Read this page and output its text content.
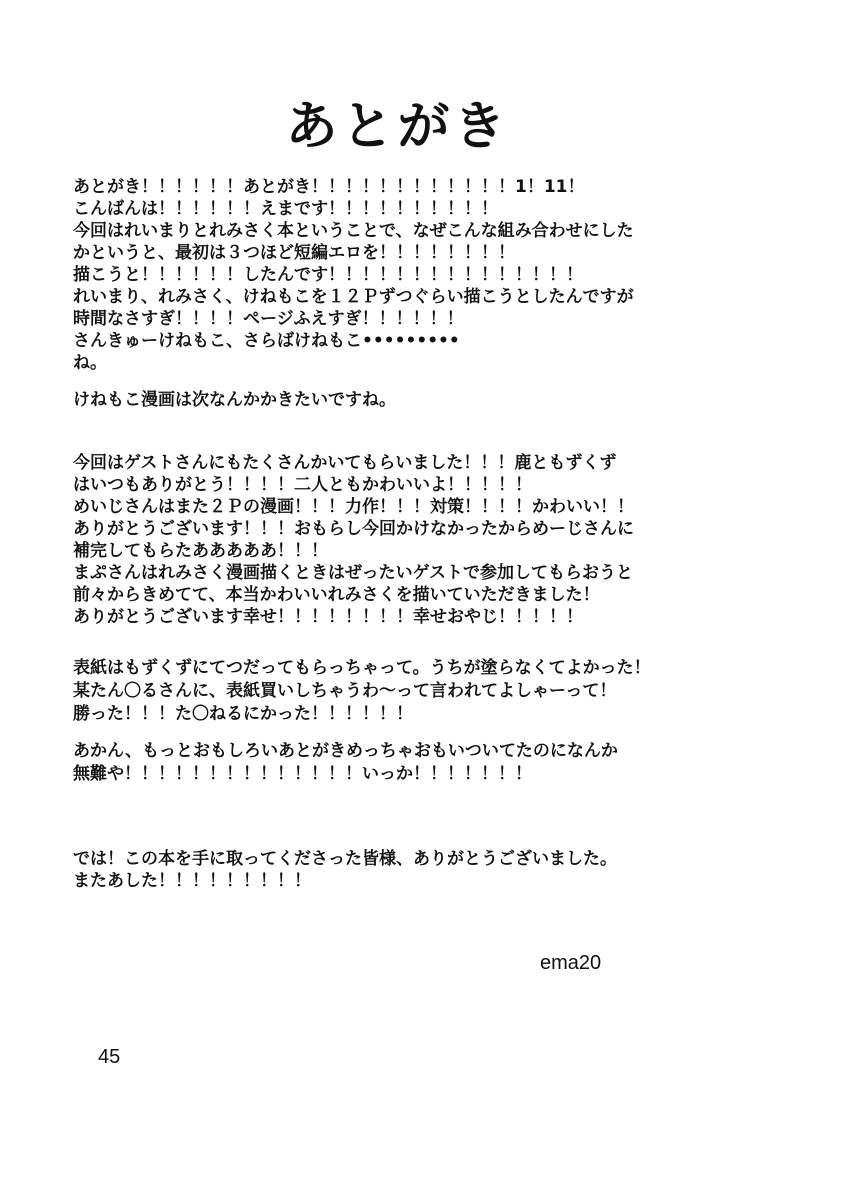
あとがき
あとがき！！！！！！あとがき！！！！！！！！！！！！1！11！
こんばんは！！！！！！えまです！！！！！！！！！！
今回はれいまりとれみさく本ということで、なぜこんな組み合わせにした
かというと、最初は３つほど短編エロを！！！！！！！！
描こうと！！！！！！したんです！！！！！！！！！！！！！！！
れいまり、れみさく、けねもこを１２Ｐずつぐらい描こうとしたんですが
時間なさすぎ！！！！ページふえすぎ！！！！！！
さんきゅーけねもこ、さらばけねもこ•••••••••
ね。
けねもこ漫画は次なんかかきたいですね。
今回はゲストさんにもたくさんかいてもらいました！！！鹿ともずくず
はいつもありがとう！！！！二人ともかわいいよ！！！！！
めいじさんはまた２Ｐの漫画！！！力作！！！対策！！！！かわいい！！
ありがとうございます！！！おもらし今回かけなかったからめーじさんに
補完してもらたあああああ！！！
まぷさんはれみさく漫画描くときはぜったいゲストで参加してもらおうと
前々からきめてて、本当かわいいれみさくを描いていただきました！
ありがとうございます幸せ！！！！！！！！幸せおやじ！！！！！
表紙はもずくずにてつだってもらっちゃって。うちが塗らなくてよかった！
某たん〇るさんに、表紙買いしちゃうわ〜って言われてよしゃーって！
勝った！！！た〇ねるにかった！！！！！！
あかん、もっとおもしろいあとがきめっちゃおもいついてたのになんか
無難や！！！！！！！！！！！！！！いっか！！！！！！！
では！この本を手に取ってくださった皆様、ありがとうございました。
またあした！！！！！！！！！
ema20
45
